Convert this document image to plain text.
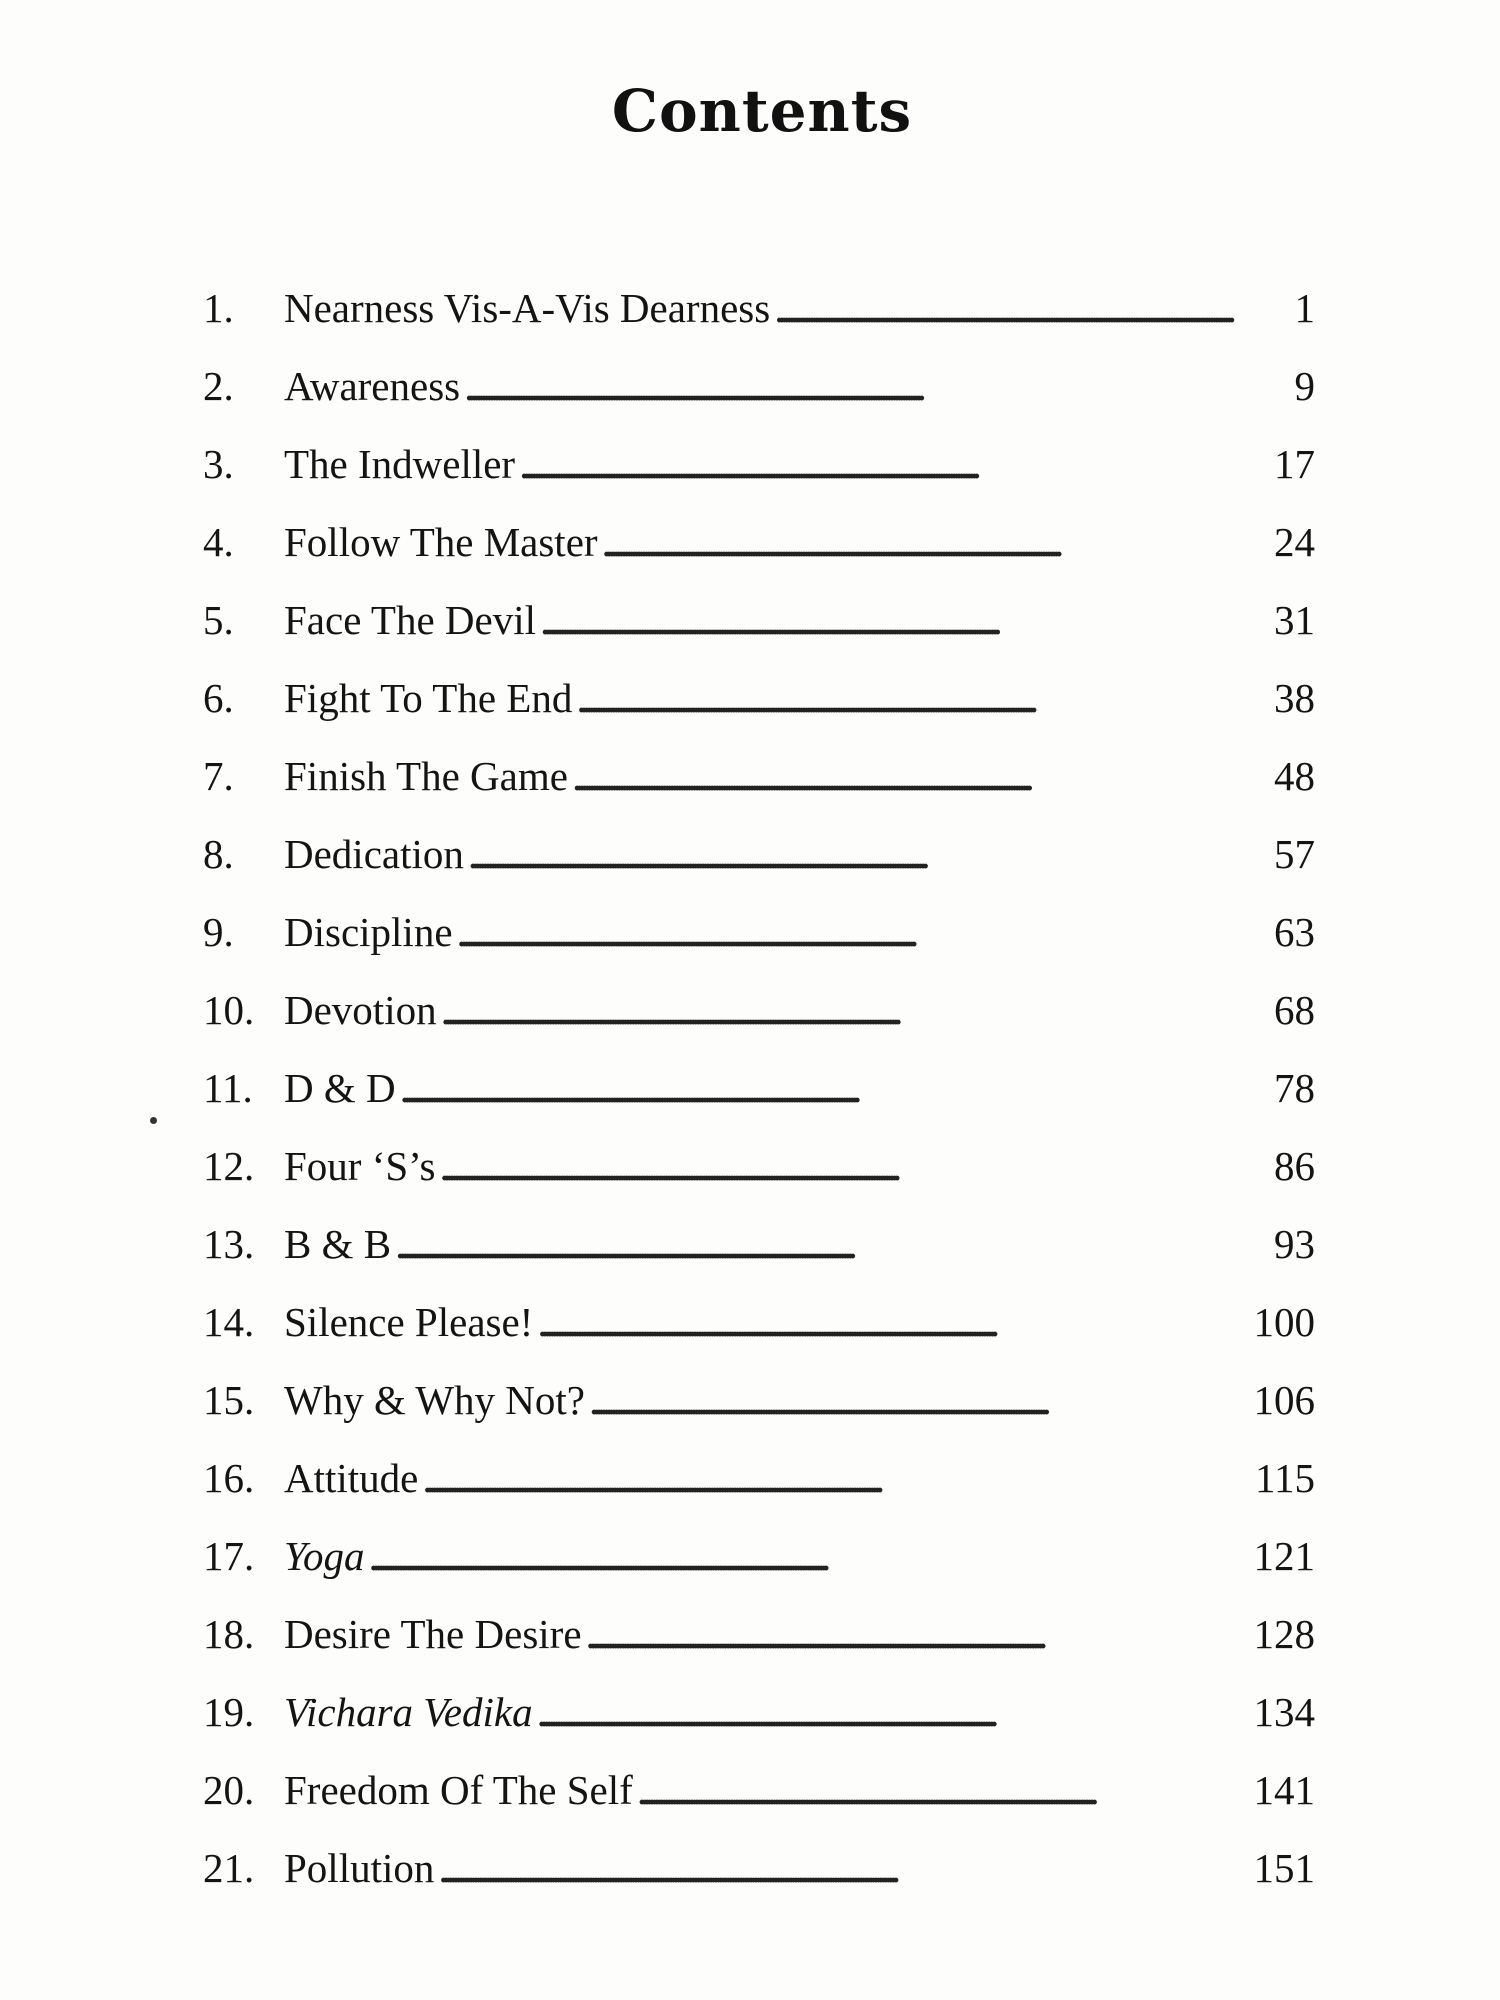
Contents
1.	Nearness Vis-A-Vis Dearness . . .	1
2.	Awareness . . .	9
3.	The Indweller . . .	17
4.	Follow The Master . . .	24
5.	Face The Devil . . .	31
6.	Fight To The End . . .	38
7.	Finish The Game . . .	48
8.	Dedication . . .	57
9.	Discipline . . .	63
10. Devotion . . .	68
11. D & D . . .	78
12. Four ‘S’s . . .	86
13. B & B . . .	93
14. Silence Please! . . .	100
15. Why & Why Not? . . .	106
16. Attitude . . .	115
17. Yoga . . .	121
18. Desire The Desire . . .	128
19. Vichara Vedika . . .	134
20. Freedom Of The Self . . .	141
21. Pollution . . .	151
